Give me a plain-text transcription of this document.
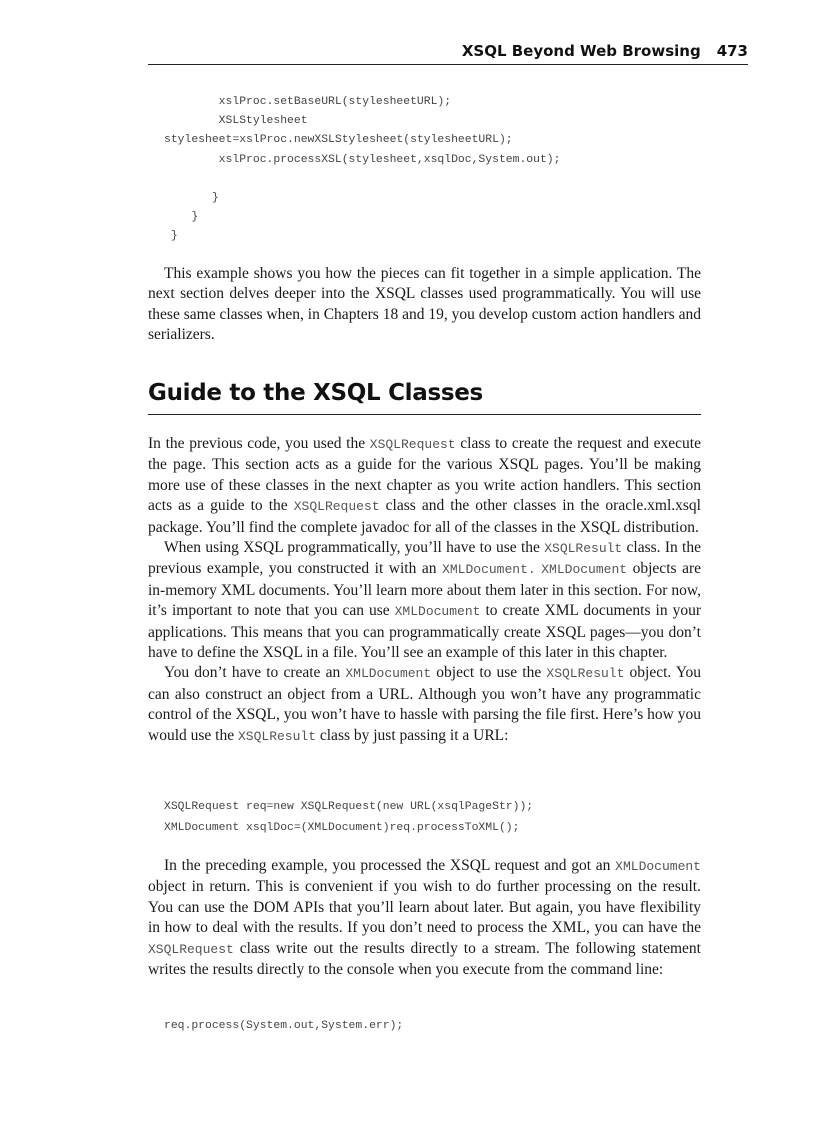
XSQL Beyond Web Browsing 473
xslProc.setBaseURL(stylesheetURL);
XSLStylesheet
stylesheet=xslProc.newXSLStylesheet(stylesheetURL);
xslProc.processXSL(stylesheet,xsqlDoc,System.out);

}
}
}

This example shows you how the pieces can fit together in a simple application. The next section delves deeper into the XSQL classes used programmatically. You will use these same classes when, in Chapters 18 and 19, you develop custom action handlers and serializers.

Guide to the XSQL Classes

In the previous code, you used the XSQLRequest class to create the request and execute the page. This section acts as a guide for the various XSQL pages. You’ll be making more use of these classes in the next chapter as you write action handlers. This section acts as a guide to the XSQLRequest class and the other classes in the oracle.xml.xsql package. You’ll find the complete javadoc for all of the classes in the XSQL distribution.

When using XSQL programmatically, you’ll have to use the XSQLResult class. In the previous example, you constructed it with an XMLDocument. XMLDocument objects are in-memory XML documents. You’ll learn more about them later in this section. For now, it’s important to note that you can use XMLDocument to create XML documents in your applications. This means that you can programmatically create XSQL pages—you don’t have to define the XSQL in a file. You’ll see an example of this later in this chapter.

You don’t have to create an XMLDocument object to use the XSQLResult object. You can also construct an object from a URL. Although you won’t have any programmatic control of the XSQL, you won’t have to hassle with parsing the file first. Here’s how you would use the XSQLResult class by just passing it a URL:

XSQLRequest req=new XSQLRequest(new URL(xsqlPageStr));
XMLDocument xsqlDoc=(XMLDocument)req.processToXML();

In the preceding example, you processed the XSQL request and got an XMLDocument object in return. This is convenient if you wish to do further processing on the result. You can use the DOM APIs that you’ll learn about later. But again, you have flexibility in how to deal with the results. If you don’t need to process the XML, you can have the XSQLRequest class write out the results directly to a stream. The following statement writes the results directly to the console when you execute from the command line:

req.process(System.out,System.err);
